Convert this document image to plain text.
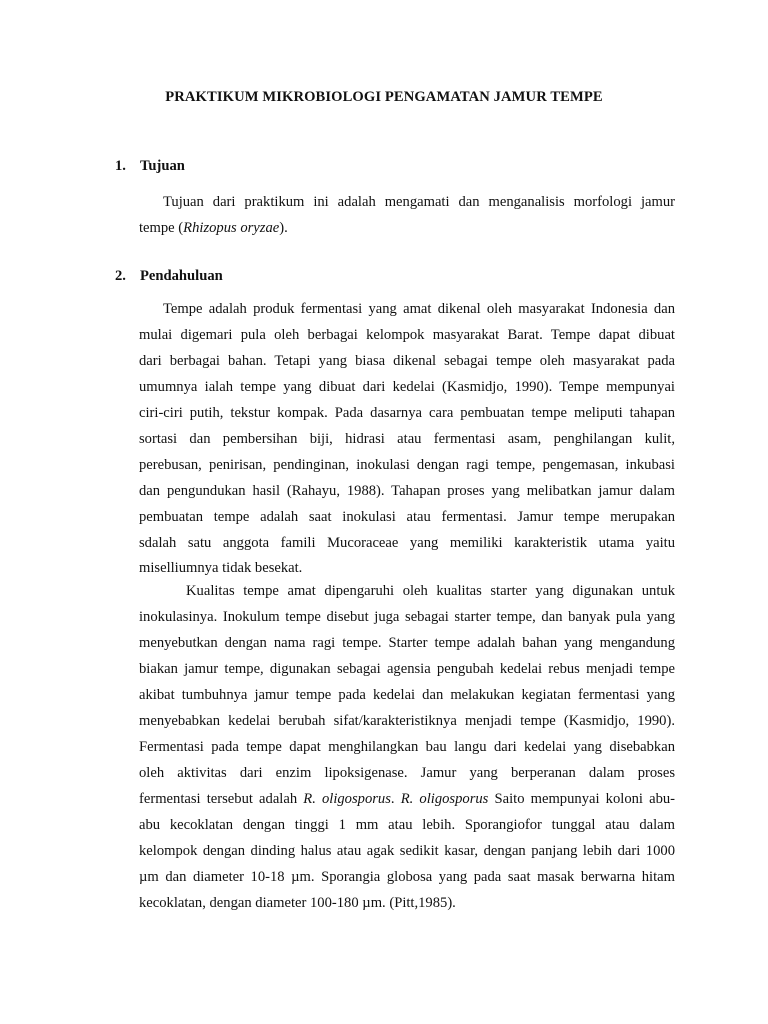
PRAKTIKUM MIKROBIOLOGI PENGAMATAN JAMUR TEMPE
1. Tujuan
Tujuan dari praktikum ini adalah mengamati dan menganalisis morfologi jamur
tempe (Rhizopus oryzae).
2. Pendahuluan
Tempe adalah produk fermentasi yang amat dikenal oleh masyarakat Indonesia dan
mulai digemari pula oleh berbagai kelompok masyarakat Barat. Tempe dapat dibuat
dari berbagai bahan. Tetapi yang biasa dikenal sebagai tempe oleh masyarakat pada
umumnya ialah tempe yang dibuat dari kedelai (Kasmidjo, 1990). Tempe mempunyai
ciri-ciri putih, tekstur kompak. Pada dasarnya cara pembuatan tempe meliputi tahapan
sortasi dan pembersihan biji, hidrasi atau fermentasi asam, penghilangan kulit,
perebusan, penirisan, pendinginan, inokulasi dengan ragi tempe, pengemasan, inkubasi
dan pengundukan hasil (Rahayu, 1988). Tahapan proses yang melibatkan jamur dalam
pembuatan tempe adalah saat inokulasi atau fermentasi. Jamur tempe merupakan
sdalah satu anggota famili Mucoraceae yang memiliki karakteristik utama yaitu
miselliumnya tidak besekat.
Kualitas tempe amat dipengaruhi oleh kualitas starter yang digunakan untuk
inokulasinya. Inokulum tempe disebut juga sebagai starter tempe, dan banyak pula yang
menyebutkan dengan nama ragi tempe. Starter tempe adalah bahan yang mengandung
biakan jamur tempe, digunakan sebagai agensia pengubah kedelai rebus menjadi tempe
akibat tumbuhnya jamur tempe pada kedelai dan melakukan kegiatan fermentasi yang
menyebabkan kedelai berubah sifat/karakteristiknya menjadi tempe (Kasmidjo, 1990).
Fermentasi pada tempe dapat menghilangkan bau langu dari kedelai yang disebabkan
oleh aktivitas dari enzim lipoksigenase. Jamur yang berperanan dalam proses
fermentasi tersebut adalah R. oligosporus. R. oligosporus Saito mempunyai koloni abu-
abu kecoklatan dengan tinggi 1 mm atau lebih. Sporangiofor tunggal atau dalam
kelompok dengan dinding halus atau agak sedikit kasar, dengan panjang lebih dari 1000
µm dan diameter 10-18 µm. Sporangia globosa yang pada saat masak berwarna hitam
kecoklatan, dengan diameter 100-180 µm. (Pitt,1985).
